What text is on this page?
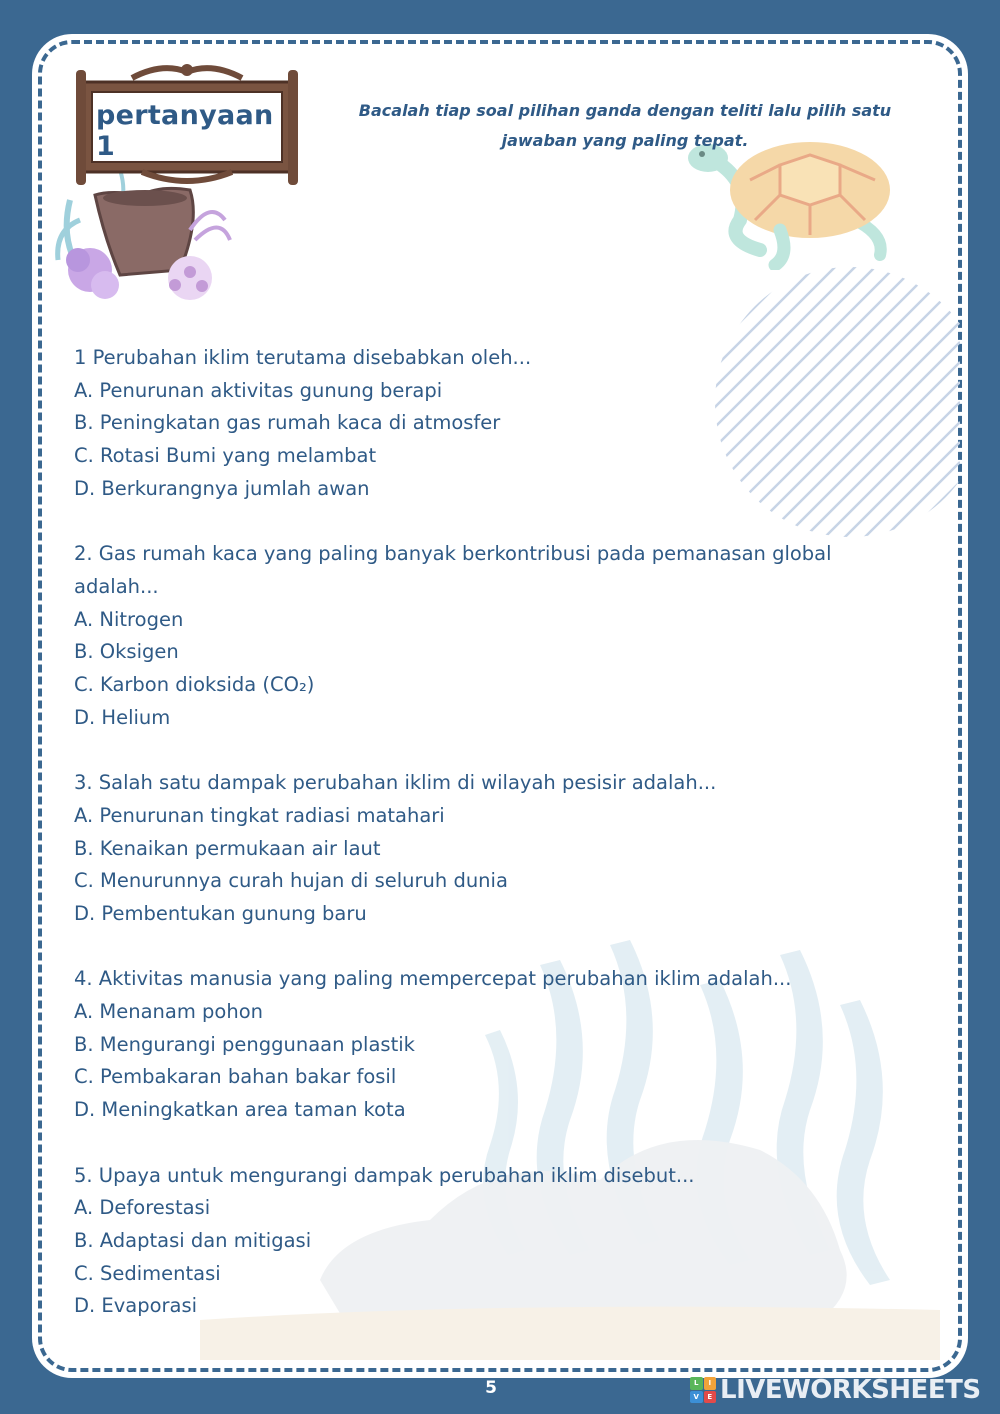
pertanyaan 1
Bacalah tiap soal pilihan ganda dengan teliti lalu pilih satu jawaban yang paling tepat.
1 Perubahan iklim terutama disebabkan oleh...
A. Penurunan aktivitas gunung berapi
B. Peningkatan gas rumah kaca di atmosfer
C. Rotasi Bumi yang melambat
D. Berkurangnya jumlah awan
2. Gas rumah kaca yang paling banyak berkontribusi pada pemanasan global adalah...
A. Nitrogen
B. Oksigen
C. Karbon dioksida (CO₂)
D. Helium
3. Salah satu dampak perubahan iklim di wilayah pesisir adalah...
A. Penurunan tingkat radiasi matahari
B. Kenaikan permukaan air laut
C. Menurunnya curah hujan di seluruh dunia
D. Pembentukan gunung baru
4. Aktivitas manusia yang paling mempercepat perubahan iklim adalah...
A. Menanam pohon
B. Mengurangi penggunaan plastik
C. Pembakaran bahan bakar fosil
D. Meningkatkan area taman kota
5. Upaya untuk mengurangi dampak perubahan iklim disebut...
A. Deforestasi
B. Adaptasi dan mitigasi
C. Sedimentasi
D. Evaporasi
5	L	I
V	E LIVEWORKSHEETS
